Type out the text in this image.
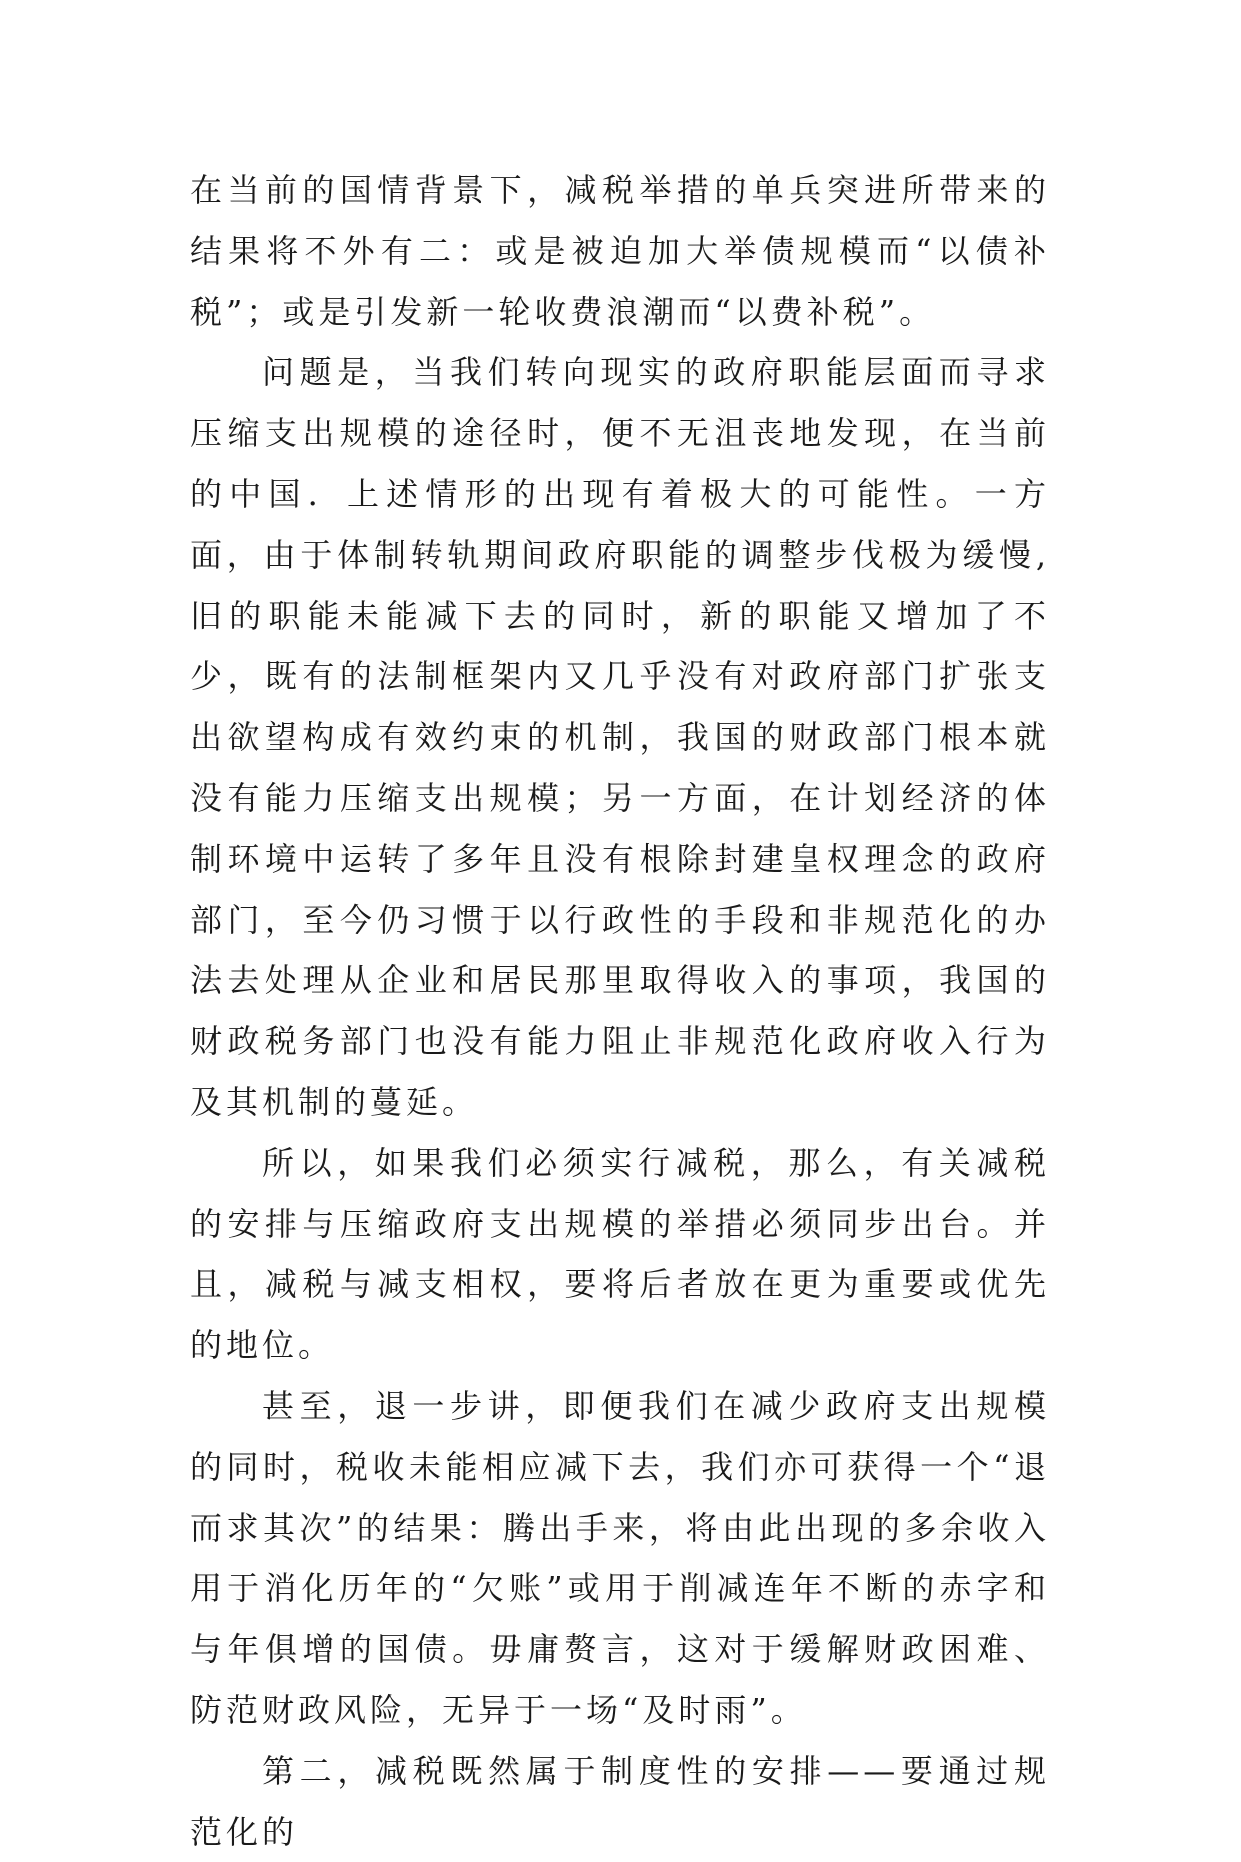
在当前的国情背景下，减税举措的单兵突进所带来的结果将不外有二：或是被迫加大举债规模而“以债补税”；或是引发新一轮收费浪潮而“以费补税”。

问题是，当我们转向现实的政府职能层面而寻求压缩支出规模的途径时，便不无沮丧地发现，在当前的中国．上述情形的出现有着极大的可能性。一方面，由于体制转轨期间政府职能的调整步伐极为缓慢,旧的职能未能减下去的同时，新的职能又增加了不少，既有的法制框架内又几乎没有对政府部门扩张支出欲望构成有效约束的机制，我国的财政部门根本就没有能力压缩支出规模；另一方面，在计划经济的体制环境中运转了多年且没有根除封建皇权理念的政府部门，至今仍习惯于以行政性的手段和非规范化的办法去处理从企业和居民那里取得收入的事项，我国的财政税务部门也没有能力阻止非规范化政府收入行为及其机制的蔓延。

所以，如果我们必须实行减税，那么，有关减税的安排与压缩政府支出规模的举措必须同步出台。并且，减税与减支相权，要将后者放在更为重要或优先的地位。

甚至，退一步讲，即便我们在减少政府支出规模的同时，税收未能相应减下去，我们亦可获得一个“退而求其次”的结果：腾出手来，将由此出现的多余收入用于消化历年的“欠账”或用于削减连年不断的赤字和与年俱增的国债。毋庸赘言，这对于缓解财政困难、防范财政风险，无异于一场“及时雨”。

第二，减税既然属于制度性的安排——要通过规范化的
